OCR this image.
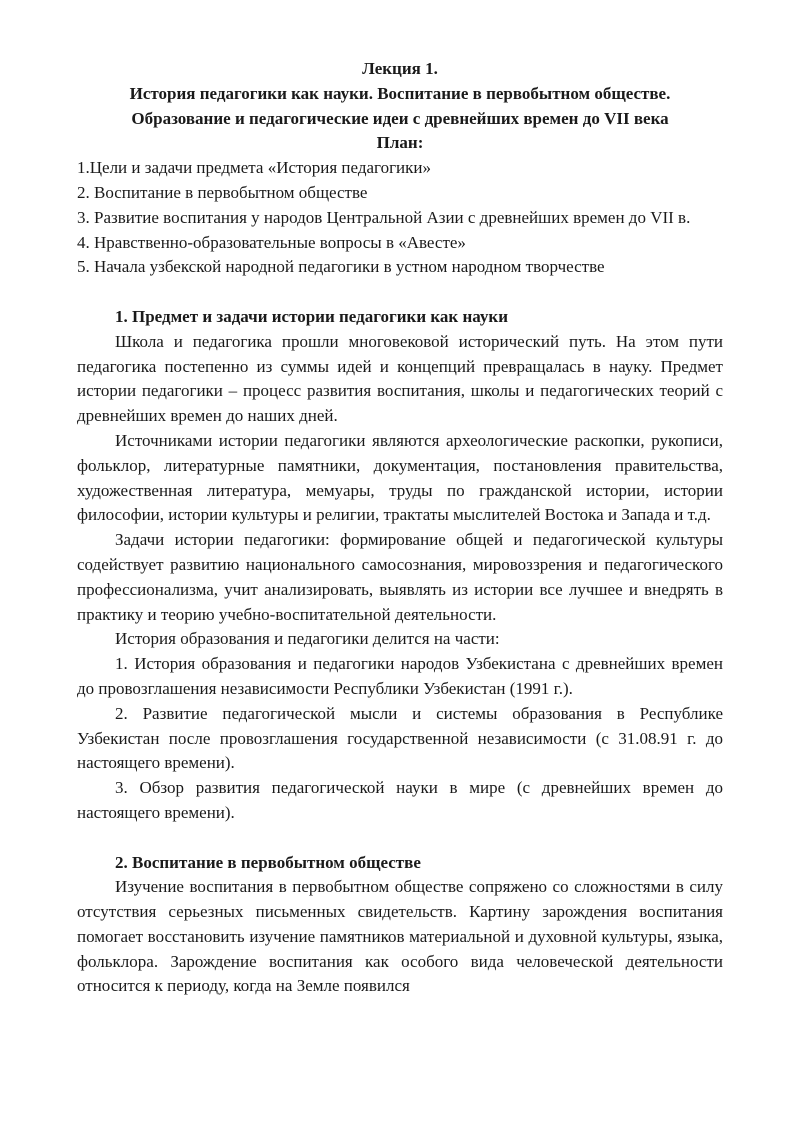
Лекция 1.

История педагогики как науки. Воспитание в первобытном обществе.

Образование и педагогические идеи с древнейших времен до VII века

План:

1.Цели и задачи предмета «История педагогики»
2. Воспитание в первобытном обществе
3. Развитие воспитания у народов Центральной Азии с древнейших времен до VII в.
4. Нравственно-образовательные вопросы в «Авесте»
5. Начала узбекской народной педагогики в устном народном творчестве

1. Предмет и задачи истории педагогики как науки

Школа и педагогика прошли многовековой исторический путь. На этом пути педагогика постепенно из суммы идей и концепций превращалась в науку. Предмет истории педагогики – процесс развития воспитания, школы и педагогических теорий с древнейших времен до наших дней.

Источниками истории педагогики являются археологические раскопки, рукописи, фольклор, литературные памятники, документация, постановления правительства, художественная литература, мемуары, труды по гражданской истории, истории философии, истории культуры и религии, трактаты мыслителей Востока и Запада и т.д.

Задачи истории педагогики: формирование общей и педагогической культуры содействует развитию национального самосознания, мировоззрения и педагогического профессионализма, учит анализировать, выявлять из истории все лучшее и внедрять в практику и теорию учебно-воспитательной деятельности.

История образования и педагогики делится на части:

1. История образования и педагогики народов Узбекистана с древнейших времен до провозглашения независимости Республики Узбекистан (1991 г.).

2. Развитие педагогической мысли и системы образования в Республике Узбекистан после провозглашения государственной независимости (с 31.08.91 г. до настоящего времени).

3. Обзор развития педагогической науки в мире (с древнейших времен до настоящего времени).

2. Воспитание в первобытном обществе

Изучение воспитания в первобытном обществе сопряжено со сложностями в силу отсутствия серьезных письменных свидетельств. Картину зарождения воспитания помогает восстановить изучение памятников материальной и духовной культуры, языка, фольклора. Зарождение воспитания как особого вида человеческой деятельности относится к периоду, когда на Земле появился
